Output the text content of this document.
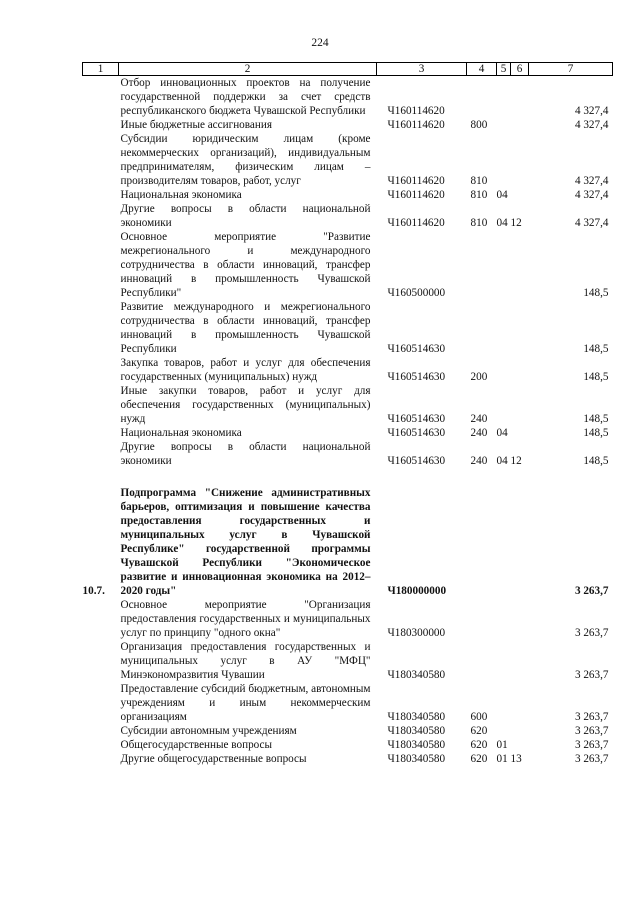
224
1	2	3	4	5	6	7
	Отбор инновационных проектов на получение государственной поддержки за счет средств республиканского бюджета Чувашской Республики	Ч160114620				4 327,4
	Иные бюджетные ассигнования	Ч160114620	800			4 327,4
	Субсидии юридическим лицам (кроме некоммерческих организаций), индивидуальным предпринимателям, физическим лицам – производителям товаров, работ, услуг	Ч160114620	810			4 327,4
	Национальная экономика	Ч160114620	810	04		4 327,4
	Другие вопросы в области национальной экономики	Ч160114620	810	04 12		4 327,4
	Основное мероприятие "Развитие межрегионального и международного сотрудничества в области инноваций, трансфер инноваций в промышленность Чувашской Республики"	Ч160500000				148,5
	Развитие международного и межрегионального сотрудничества в области инноваций, трансфер инноваций в промышленность Чувашской Республики	Ч160514630				148,5
	Закупка товаров, работ и услуг для обеспечения государственных (муниципальных) нужд	Ч160514630	200			148,5
	Иные закупки товаров, работ и услуг для обеспечения государственных (муниципальных) нужд	Ч160514630	240			148,5
	Национальная экономика	Ч160514630	240	04		148,5
	Другие вопросы в области национальной экономики	Ч160514630	240	04 12		148,5

10.7.	Подпрограмма "Снижение административных барьеров, оптимизация и повышение качества предоставления государственных и муниципальных услуг в Чувашской Республике" государственной программы Чувашской Республики "Экономическое развитие и инновационная экономика на 2012–2020 годы"	Ч180000000				3 263,7
	Основное мероприятие "Организация предоставления государственных и муниципальных услуг по принципу "одного окна"	Ч180300000				3 263,7
	Организация предоставления государственных и муниципальных услуг в АУ "МФЦ" Минэкономразвития Чувашии	Ч180340580				3 263,7
	Предоставление субсидий бюджетным, автономным учреждениям и иным некоммерческим организациям	Ч180340580	600			3 263,7
	Субсидии автономным учреждениям	Ч180340580	620			3 263,7
	Общегосударственные вопросы	Ч180340580	620	01		3 263,7
	Другие общегосударственные вопросы	Ч180340580	620	01 13		3 263,7
